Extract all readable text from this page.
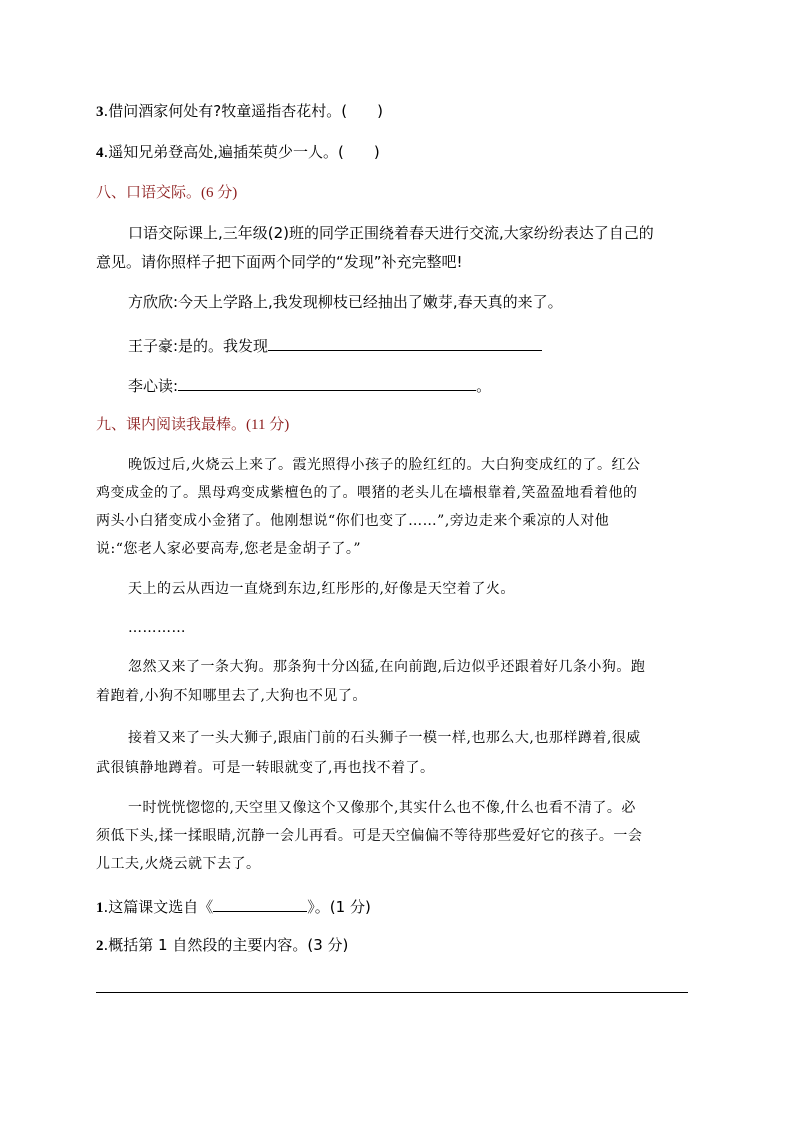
3.借问酒家何处有?牧童遥指杏花村。(　　)
4.遥知兄弟登高处,遍插茱萸少一人。(　　)
八、口语交际。(6 分)
口语交际课上,三年级(2)班的同学正围绕着春天进行交流,大家纷纷表达了自己的
意见。请你照样子把下面两个同学的“发现”补充完整吧!
方欣欣:今天上学路上,我发现柳枝已经抽出了嫩芽,春天真的来了。
王子豪:是的。我发现
李心读:	。
九、课内阅读我最棒。(11 分)
晚饭过后,火烧云上来了。霞光照得小孩子的脸红红的。大白狗变成红的了。红公
鸡变成金的了。黑母鸡变成紫檀色的了。喂猪的老头儿在墙根靠着,笑盈盈地看着他的
两头小白猪变成小金猪了。他刚想说“你们也变了……”,旁边走来个乘凉的人对他
说:“您老人家必要高寿,您老是金胡子了。”
天上的云从西边一直烧到东边,红彤彤的,好像是天空着了火。
…………
忽然又来了一条大狗。那条狗十分凶猛,在向前跑,后边似乎还跟着好几条小狗。跑
着跑着,小狗不知哪里去了,大狗也不见了。
接着又来了一头大狮子,跟庙门前的石头狮子一模一样,也那么大,也那样蹲着,很威
武很镇静地蹲着。可是一转眼就变了,再也找不着了。
一时恍恍惚惚的,天空里又像这个又像那个,其实什么也不像,什么也看不清了。必
须低下头,揉一揉眼睛,沉静一会儿再看。可是天空偏偏不等待那些爱好它的孩子。一会
儿工夫,火烧云就下去了。
1.这篇课文选自《	》。(1 分)
2.概括第 1 自然段的主要内容。(3 分)
